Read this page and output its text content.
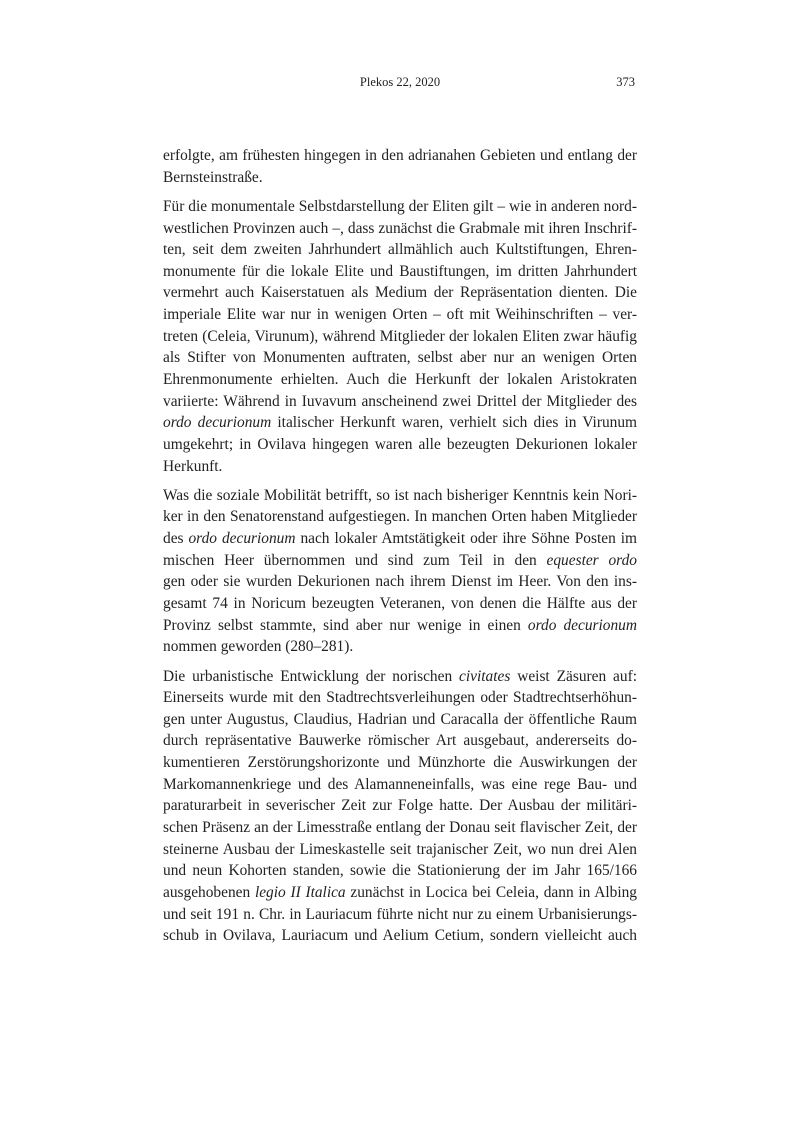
Plekos 22, 2020	373
erfolgte, am frühesten hingegen in den adrianahen Gebieten und entlang der
Bernsteinstraße.
Für die monumentale Selbstdarstellung der Eliten gilt – wie in anderen nord-
westlichen Provinzen auch –, dass zunächst die Grabmale mit ihren Inschrif-
ten, seit dem zweiten Jahrhundert allmählich auch Kultstiftungen, Ehren-
monumente für die lokale Elite und Baustiftungen, im dritten Jahrhundert
vermehrt auch Kaiserstatuen als Medium der Repräsentation dienten. Die
imperiale Elite war nur in wenigen Orten – oft mit Weihinschriften – ver-
treten (Celeia, Virunum), während Mitglieder der lokalen Eliten zwar häufig
als Stifter von Monumenten auftraten, selbst aber nur an wenigen Orten
Ehrenmonumente erhielten. Auch die Herkunft der lokalen Aristokraten
variierte: Während in Iuvavum anscheinend zwei Drittel der Mitglieder des
ordo decurionum italischer Herkunft waren, verhielt sich dies in Virunum
umgekehrt; in Ovilava hingegen waren alle bezeugten Dekurionen lokaler
Herkunft.
Was die soziale Mobilität betrifft, so ist nach bisheriger Kenntnis kein Nori-
ker in den Senatorenstand aufgestiegen. In manchen Orten haben Mitglieder
des ordo decurionum nach lokaler Amtstätigkeit oder ihre Söhne Posten im
mischen Heer übernommen und sind zum Teil in den equester ordo
gen oder sie wurden Dekurionen nach ihrem Dienst im Heer. Von den ins-
gesamt 74 in Noricum bezeugten Veteranen, von denen die Hälfte aus der
Provinz selbst stammte, sind aber nur wenige in einen ordo decurionum
nommen geworden (280–281).
Die urbanistische Entwicklung der norischen civitates weist Zäsuren auf:
Einerseits wurde mit den Stadtrechtsverleihungen oder Stadtrechtserhöhun-
gen unter Augustus, Claudius, Hadrian und Caracalla der öffentliche Raum
durch repräsentative Bauwerke römischer Art ausgebaut, andererseits do-
kumentieren Zerstörungshorizonte und Münzhorte die Auswirkungen der
Markomannenkriege und des Alamanneneinfalls, was eine rege Bau- und
paraturarbeit in severischer Zeit zur Folge hatte. Der Ausbau der militäri-
schen Präsenz an der Limesstraße entlang der Donau seit flavischer Zeit, der
steinerne Ausbau der Limeskastelle seit trajanischer Zeit, wo nun drei Alen
und neun Kohorten standen, sowie die Stationierung der im Jahr 165/166
ausgehobenen legio II Italica zunächst in Locica bei Celeia, dann in Albing
und seit 191 n. Chr. in Lauriacum führte nicht nur zu einem Urbanisierungs-
schub in Ovilava, Lauriacum und Aelium Cetium, sondern vielleicht auch
